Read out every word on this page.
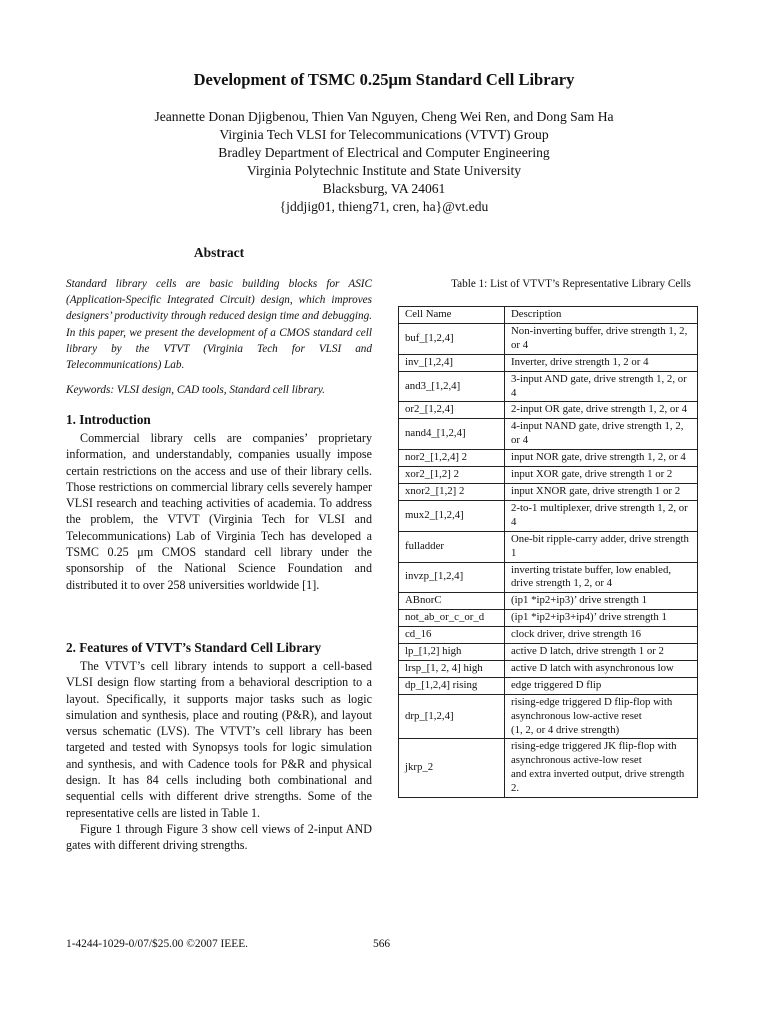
Development of TSMC 0.25μm Standard Cell Library
Jeannette Donan Djigbenou, Thien Van Nguyen, Cheng Wei Ren, and Dong Sam Ha
Virginia Tech VLSI for Telecommunications (VTVT) Group
Bradley Department of Electrical and Computer Engineering
Virginia Polytechnic Institute and State University
Blacksburg, VA 24061
{jddjig01, thieng71, cren, ha}@vt.edu
Abstract
Standard library cells are basic building blocks for ASIC (Application-Specific Integrated Circuit) design, which improves designers’ productivity through reduced design time and debugging. In this paper, we present the development of a CMOS standard cell library by the VTVT (Virginia Tech for VLSI and Telecommunications) Lab.
Keywords: VLSI design, CAD tools, Standard cell library.
1. Introduction

Commercial library cells are companies’ proprietary information, and understandably, companies usually impose certain restrictions on the access and use of their library cells. Those restrictions on commercial library cells severely hamper VLSI research and teaching activities of academia. To address the problem, the VTVT (Virginia Tech for VLSI and Telecommunications) Lab of Virginia Tech has developed a TSMC 0.25 μm CMOS standard cell library under the sponsorship of the National Science Foundation and distributed it to over 258 universities worldwide [1].

2. Features of VTVT’s Standard Cell Library

The VTVT’s cell library intends to support a cell-based VLSI design flow starting from a behavioral description to a layout. Specifically, it supports major tasks such as logic simulation and synthesis, place and routing (P&R), and layout versus schematic (LVS). The VTVT’s cell library has been targeted and tested with Synopsys tools for logic simulation and synthesis, and with Cadence tools for P&R and physical design. It has 84 cells including both combinational and sequential cells with different drive strengths. Some of the representative cells are listed in Table 1.

Figure 1 through Figure 3 show cell views of 2-input AND gates with different driving strengths.

Table 1: List of VTVT’s Representative Library Cells
Cell Name	Description
buf_[1,2,4]	Non-inverting buffer, drive strength 1, 2, or 4
inv_[1,2,4]	Inverter, drive strength 1, 2 or 4
and3_[1,2,4]	3-input AND gate, drive strength 1, 2, or 4
or2_[1,2,4]	2-input OR gate, drive strength 1, 2, or 4
nand4_[1,2,4]	4-input NAND gate, drive strength 1, 2, or 4
nor2_[1,2,4] 2	input NOR gate, drive strength 1, 2, or 4
xor2_[1,2] 2	input XOR gate, drive strength 1 or 2
xnor2_[1,2] 2	input XNOR gate, drive strength 1 or 2
mux2_[1,2,4]	2-to-1 multiplexer, drive strength 1, 2, or 4
fulladder	One-bit ripple-carry adder, drive strength 1
invzp_[1,2,4]	inverting tristate buffer, low enabled, drive strength 1, 2, or 4
ABnorC	(ip1 *ip2+ip3)’ drive strength 1
not_ab_or_c_or_d	(ip1 *ip2+ip3+ip4)’ drive strength 1
cd_16	clock driver, drive strength 16
lp_[1,2] high	active D latch, drive strength 1 or 2
lrsp_[1, 2, 4] high	active D latch with asynchronous low
dp_[1,2,4] rising	edge triggered D flip
drp_[1,2,4]	rising-edge triggered D flip-flop with asynchronous low-active reset
(1, 2, or 4 drive strength)
jkrp_2	rising-edge triggered JK flip-flop with asynchronous active-low reset
and extra inverted output, drive strength 2.
1-4244-1029-0/07/$25.00 ©2007 IEEE.	566
